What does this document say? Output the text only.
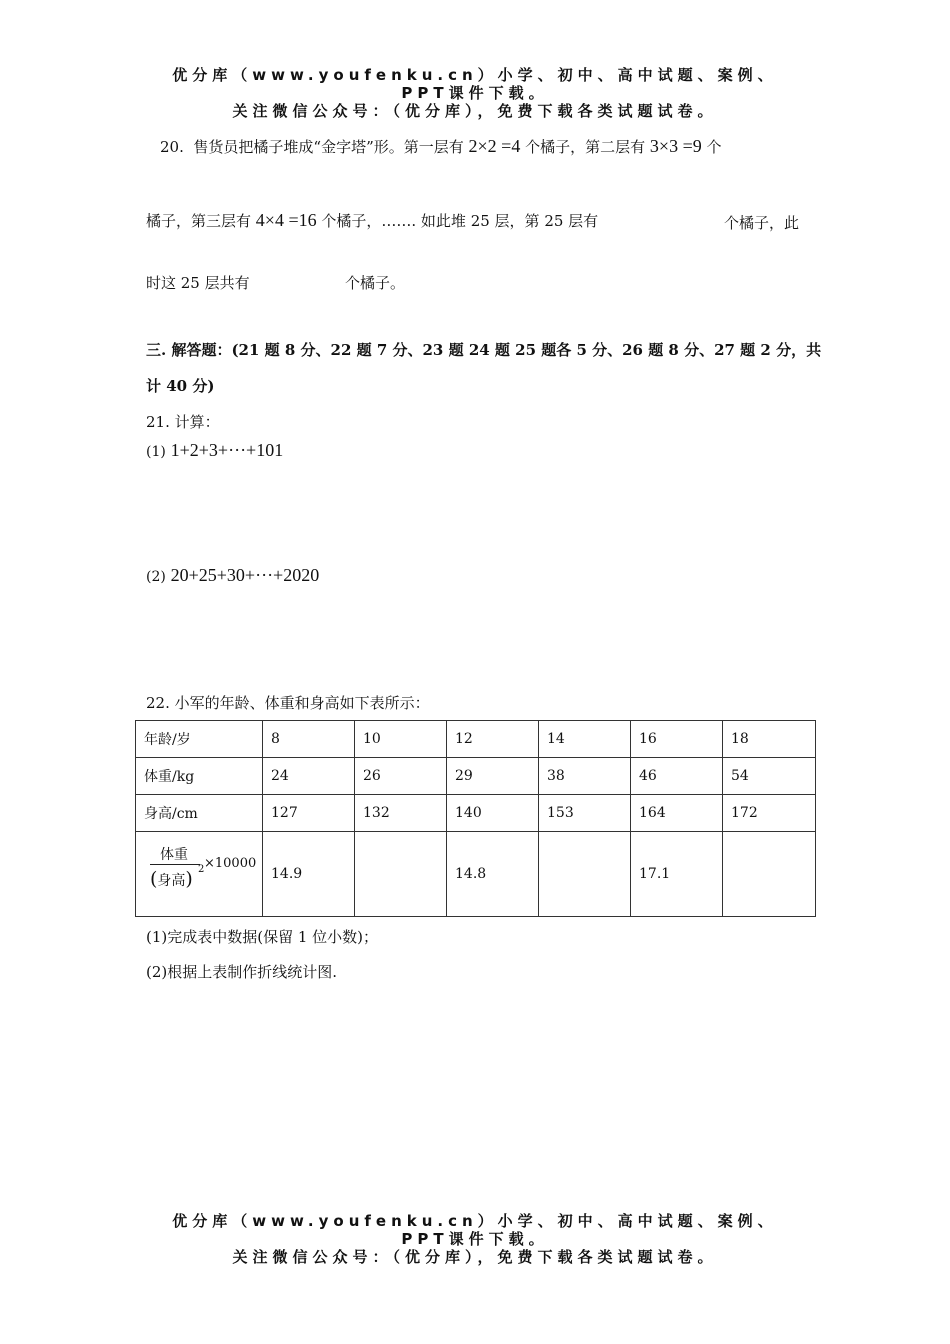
优分库（www.youfenku.cn）小学、初中、高中试题、案例、
PPT课件下载。
关注微信公众号：（优分库），免费下载各类试题试卷。
20. 售货员把橘子堆成“金字塔”形。第一层有 2×2 =4 个橘子，第二层有 3×3 =9 个
橘子，第三层有 4×4 =16 个橘子，……. 如此堆 25 层，第 25 层有	个橘子，此
时这 25 层共有	个橘子。
三. 解答题：(21 题 8 分、22 题 7 分、23 题 24 题 25 题各 5 分、26 题 8 分、27 题 2 分，共
计 40 分)
21. 计算：
(1) 1+2+3+···+101
(2) 20+25+30+···+2020
22. 小军的年龄、体重和身高如下表所示：
年龄/岁	8	10	12	14	16	18
体重/kg	24	26	29	38	46	54
身高/cm	127	132	140	153	164	172

体重
(身高) 2 ×10000	14.9		14.8		17.1	
(1)完成表中数据(保留 1 位小数)；
(2)根据上表制作折线统计图.
优分库（www.youfenku.cn）小学、初中、高中试题、案例、
PPT课件下载。
关注微信公众号：（优分库），免费下载各类试题试卷。
